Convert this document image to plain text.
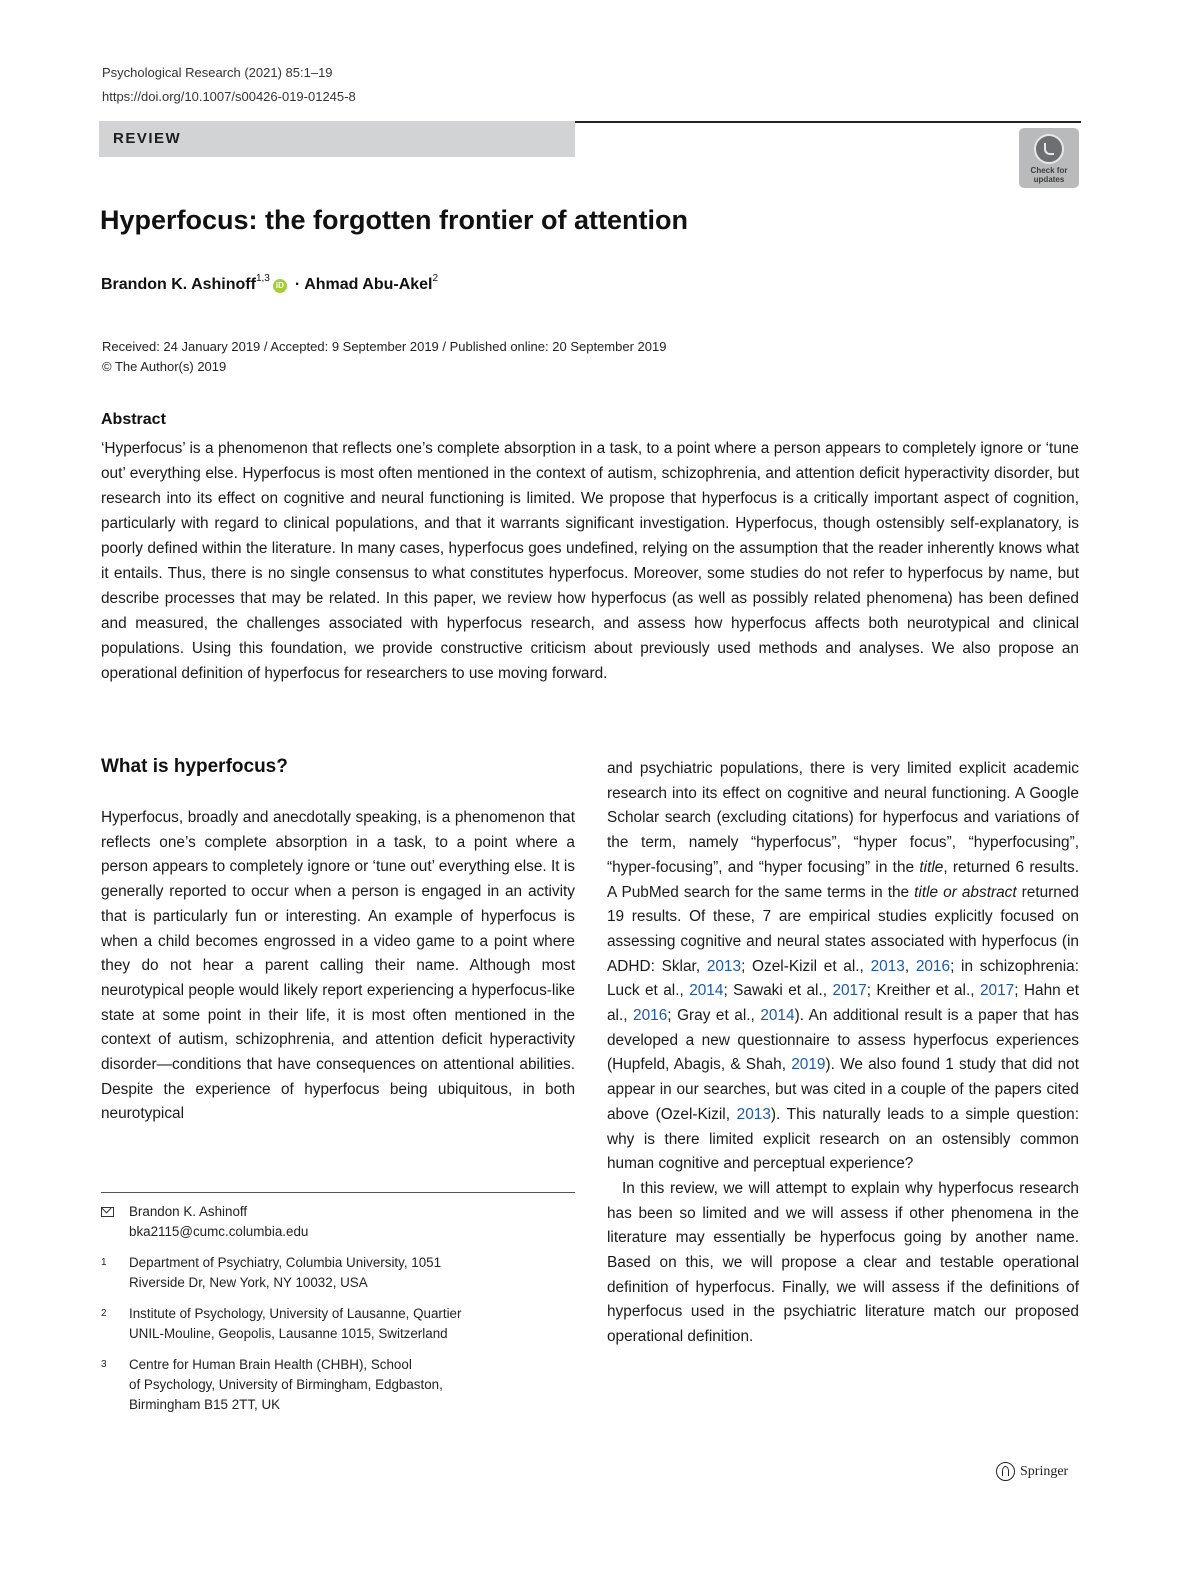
Psychological Research (2021) 85:1–19
https://doi.org/10.1007/s00426-019-01245-8
REVIEW
Check for updates
Hyperfocus: the forgotten frontier of attention
Brandon K. Ashinoff$^{1,3}$
iD · Ahmad Abu-Akel$^2$
Received: 24 January 2019 / Accepted: 9 September 2019 / Published online: 20 September 2019
© The Author(s) 2019
Abstract

‘Hyperfocus’ is a phenomenon that reflects one’s complete absorption in a task, to a point where a person appears to completely ignore or ‘tune out’ everything else. Hyperfocus is most often mentioned in the context of autism, schizophrenia, and attention deficit hyperactivity disorder, but research into its effect on cognitive and neural functioning is limited. We propose that hyperfocus is a critically important aspect of cognition, particularly with regard to clinical populations, and that it warrants significant investigation. Hyperfocus, though ostensibly self-explanatory, is poorly defined within the literature. In many cases, hyperfocus goes undefined, relying on the assumption that the reader inherently knows what it entails. Thus, there is no single consensus to what constitutes hyperfocus. Moreover, some studies do not refer to hyperfocus by name, but describe processes that may be related. In this paper, we review how hyperfocus (as well as possibly related phenomena) has been defined and measured, the challenges associated with hyperfocus research, and assess how hyperfocus affects both neurotypical and clinical populations. Using this foundation, we provide constructive criticism about previously used methods and analyses. We also propose an operational definition of hyperfocus for researchers to use moving forward.

What is hyperfocus?

Hyperfocus, broadly and anecdotally speaking, is a phenomenon that reflects one’s complete absorption in a task, to a point where a person appears to completely ignore or ‘tune out’ everything else. It is generally reported to occur when a person is engaged in an activity that is particularly fun or interesting. An example of hyperfocus is when a child becomes engrossed in a video game to a point where they do not hear a parent calling their name. Although most neurotypical people would likely report experiencing a hyperfocus-like state at some point in their life, it is most often mentioned in the context of autism, schizophrenia, and attention deficit hyperactivity disorder—conditions that have consequences on attentional abilities. Despite the experience of hyperfocus being ubiquitous, in both neurotypical

and psychiatric populations, there is very limited explicit academic research into its effect on cognitive and neural functioning. A Google Scholar search (excluding citations) for hyperfocus and variations of the term, namely “hyperfocus”, “hyper focus”, “hyperfocusing”, “hyper-focusing”, and “hyper focusing” in the title, returned 6 results. A PubMed search for the same terms in the title or abstract returned 19 results. Of these, 7 are empirical studies explicitly focused on assessing cognitive and neural states associated with hyperfocus (in ADHD: Sklar, 2013; Ozel-Kizil et al., 2013, 2016; in schizophrenia: Luck et al., 2014; Sawaki et al., 2017; Kreither et al., 2017; Hahn et al., 2016; Gray et al., 2014). An additional result is a paper that has developed a new questionnaire to assess hyperfocus experiences (Hupfeld, Abagis, & Shah, 2019). We also found 1 study that did not appear in our searches, but was cited in a couple of the papers cited above (Ozel-Kizil, 2013). This naturally leads to a simple question: why is there limited explicit research on an ostensibly common human cognitive and perceptual experience?

In this review, we will attempt to explain why hyperfocus research has been so limited and we will assess if other phenomena in the literature may essentially be hyperfocus going by another name. Based on this, we will propose a clear and testable operational definition of hyperfocus. Finally, we will assess if the definitions of hyperfocus used in the psychiatric literature match our proposed operational definition.

Brandon K. Ashinoff
bka2115@cumc.columbia.edu
1	Department of Psychiatry, Columbia University, 1051
Riverside Dr, New York, NY 10032, USA
2	Institute of Psychology, University of Lausanne, Quartier
UNIL-Mouline, Geopolis, Lausanne 1015, Switzerland
3	Centre for Human Brain Health (CHBH), School
of Psychology, University of Birmingham, Edgbaston,
Birmingham B15 2TT, UK
Springer
